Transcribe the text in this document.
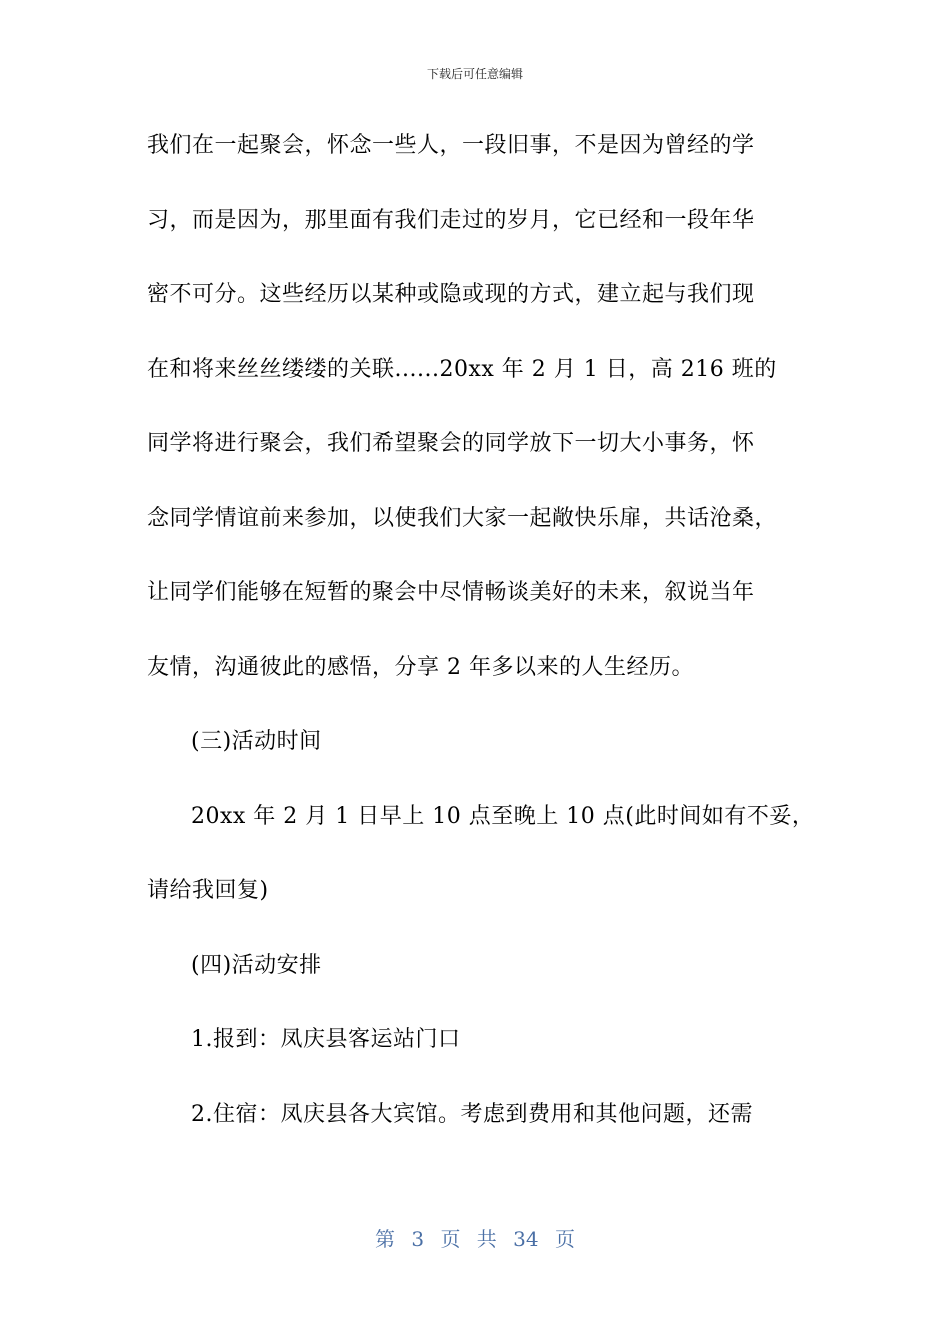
下载后可任意编辑
我们在一起聚会，怀念一些人，一段旧事，不是因为曾经的学
习，而是因为，那里面有我们走过的岁月，它已经和一段年华
密不可分。这些经历以某种或隐或现的方式，建立起与我们现
在和将来丝丝缕缕的关联......20xx 年 2 月 1 日，高 216 班的
同学将进行聚会，我们希望聚会的同学放下一切大小事务，怀
念同学情谊前来参加，以使我们大家一起敞快乐扉，共话沧桑，
让同学们能够在短暂的聚会中尽情畅谈美好的未来，叙说当年
友情，沟通彼此的感悟，分享 2 年多以来的人生经历。
(三)活动时间
20xx 年 2 月 1 日早上 10 点至晚上 10 点(此时间如有不妥，
请给我回复)
(四)活动安排
1.报到：凤庆县客运站门口
2.住宿：凤庆县各大宾馆。考虑到费用和其他问题，还需
第 3 页 共 34 页
